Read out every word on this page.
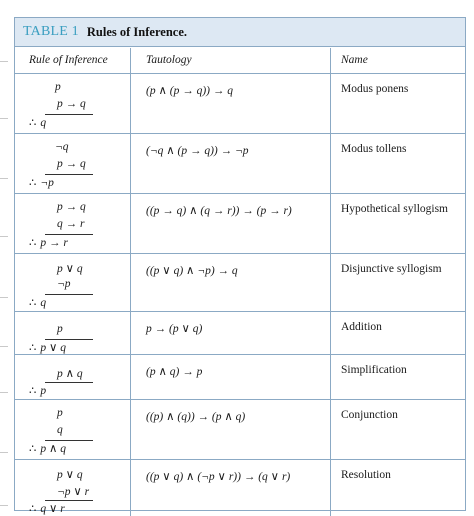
TABLE 1 Rules of Inference.
Rule of Inference	Tautology	Name
p
p → q
∴ q
(p ∧ (p → q)) → q	Modus ponens
¬q
p → q
∴ ¬p
(¬q ∧ (p → q)) → ¬p	Modus tollens
p → q
q → r
∴ p → r
((p → q) ∧ (q → r)) → (p → r)	Hypothetical syllogism
p ∨ q
¬p
∴ q
((p ∨ q) ∧ ¬p) → q	Disjunctive syllogism
p
∴ p ∨ q
p → (p ∨ q)	Addition
p ∧ q
∴ p
(p ∧ q) → p	Simplification
p
q
∴ p ∧ q
((p) ∧ (q)) → (p ∧ q)	Conjunction
p ∨ q
¬p ∨ r
∴ q ∨ r
((p ∨ q) ∧ (¬p ∨ r)) → (q ∨ r)	Resolution
